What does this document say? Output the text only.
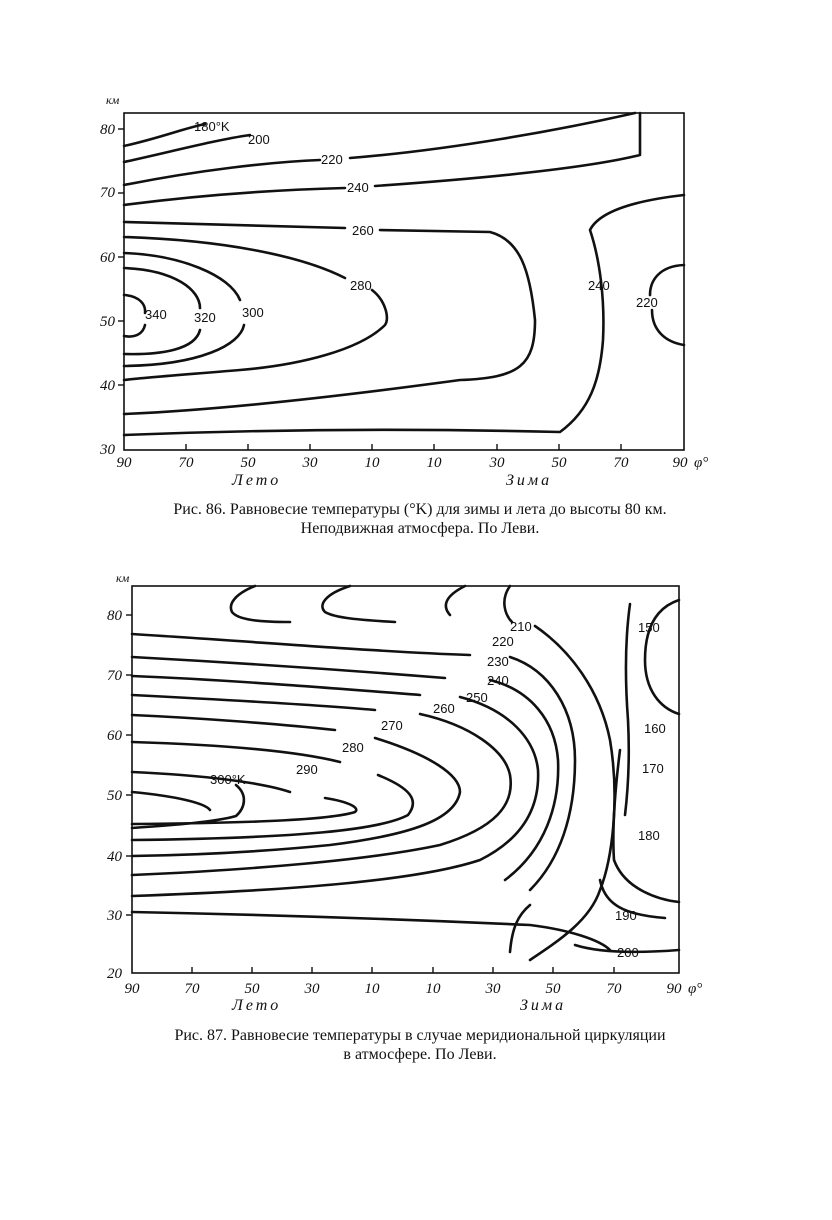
км
80
70
60
50
40
30
90	70	50	30	10	10	30	50	70	90 φ°
Лето	Зима
180°K
200
220
240
260
280
300
320
340
240
220
Рис. 86. Равновесие температуры (°K) для зимы и лета до высоты 80 км.
Неподвижная атмосфера. По Леви.
км
80
70
60
50
40
30
20
90	70	50	30	10	10	30	50	70	90 φ°
Лето	Зима
300°K
290
280
270
260
250
240
230
220
210	150
160
170
180
190
200
Рис. 87. Равновесие температуры в случае меридиональной циркуляции
в атмосфере. По Леви.
